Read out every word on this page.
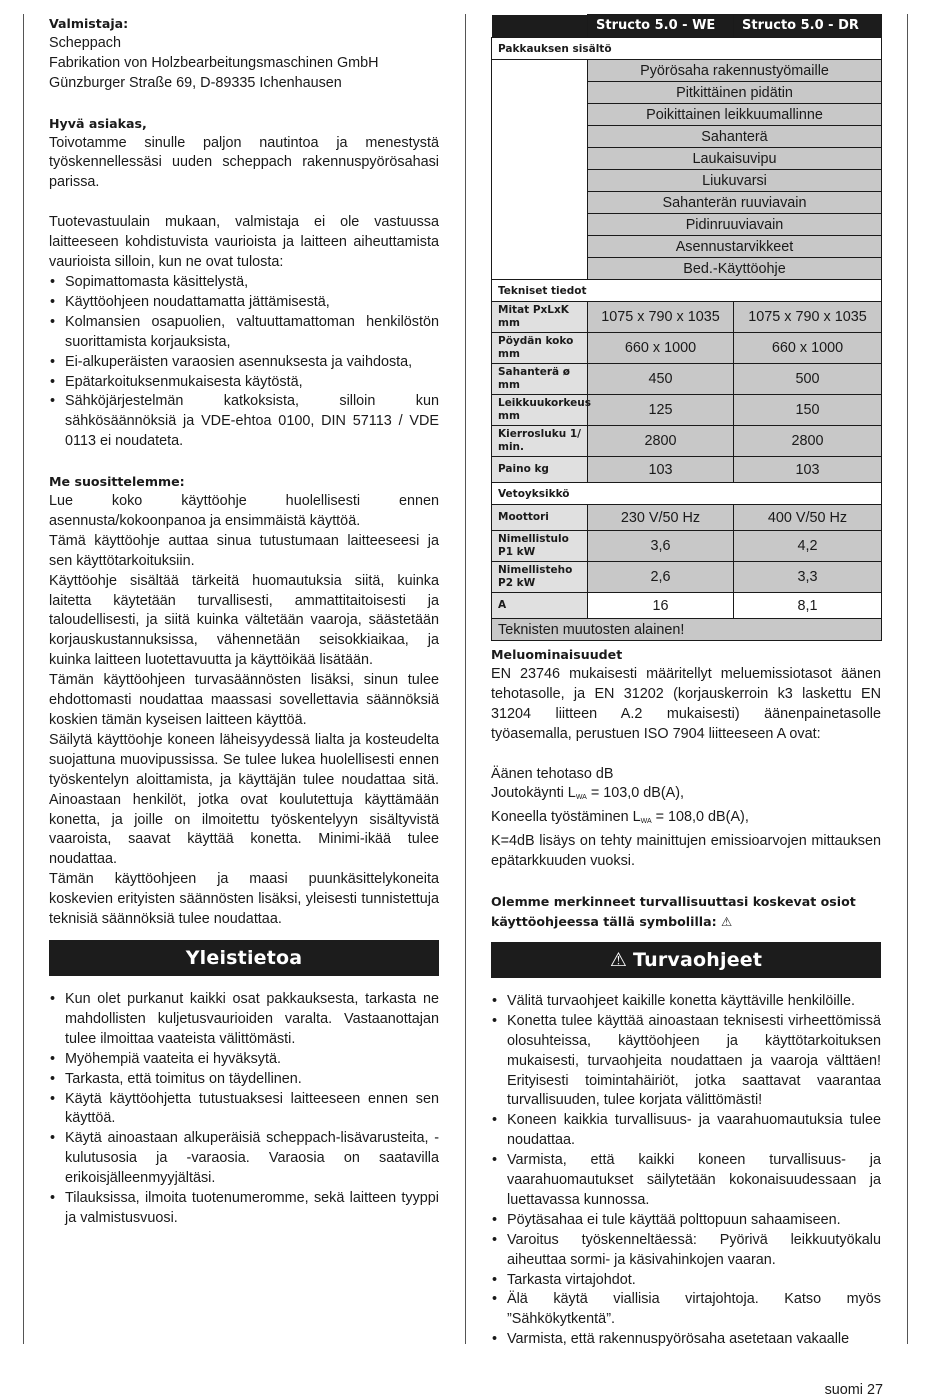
Valmistaja:

Scheppach

Fabrikation von Holzbearbeitungsmaschinen GmbH

Günzburger Straße 69, D-89335 Ichenhausen

Hyvä asiakas,

Toivotamme sinulle paljon nautintoa ja menestystä työskennellessäsi uuden scheppach rakennuspyörösahasi parissa.

Tuotevastuulain mukaan, valmistaja ei ole vastuussa laitteeseen kohdistuvista vaurioista ja laitteen aiheuttamista vaurioista silloin, kun ne ovat tulosta:

• Sopimattomasta käsittelystä,
• Käyttöohjeen noudattamatta jättämisestä,
• Kolmansien osapuolien, valtuuttamattoman henkilöstön suorittamista korjauksista,
• Ei-alkuperäisten varaosien asennuksesta ja vaihdosta,
• Epätarkoituksenmukaisesta käytöstä,
• Sähköjärjestelmän katkoksista, silloin kun sähkösäännöksiä ja VDE-ehtoa 0100, DIN 57113 / VDE 0113 ei noudateta.

Me suosittelemme:

Lue koko käyttöohje huolellisesti ennen asennusta/kokoonpanoa ja ensimmäistä käyttöä.

Tämä käyttöohje auttaa sinua tutustumaan laitteeseesi ja sen käyttötarkoituksiin.

Käyttöohje sisältää tärkeitä huomautuksia siitä, kuinka laitetta käytetään turvallisesti, ammattitaitoisesti ja taloudellisesti, ja siitä kuinka vältetään vaaroja, säästetään korjauskustannuksissa, vähennetään seisokkiaikaa, ja kuinka laitteen luotettavuutta ja käyttöikää lisätään.

Tämän käyttöohjeen turvasäännösten lisäksi, sinun tulee ehdottomasti noudattaa maassasi sovellettavia säännöksiä koskien tämän kyseisen laitteen käyttöä.

Säilytä käyttöohje koneen läheisyydessä lialta ja kosteudelta suojattuna muovipussissa. Se tulee lukea huolellisesti ennen työskentelyn aloittamista, ja käyttäjän tulee noudattaa sitä. Ainoastaan henkilöt, jotka ovat koulutettuja käyttämään konetta, ja joille on ilmoitettu työskentelyyn sisältyvistä vaaroista, saavat käyttää konetta. Minimi-ikää tulee noudattaa.

Tämän käyttöohjeen ja maasi puunkäsittelykoneita koskevien erityisten säännösten lisäksi, yleisesti tunnistettuja teknisiä säännöksiä tulee noudattaa.

Yleistietoa
• Kun olet purkanut kaikki osat pakkauksesta, tarkasta ne mahdollisten kuljetusvaurioiden varalta. Vastaanottajan tulee ilmoittaa vaateista välittömästi.
• Myöhempiä vaateita ei hyväksytä.
• Tarkasta, että toimitus on täydellinen.
• Käytä käyttöohjetta tutustuaksesi laitteeseen ennen sen käyttöä.
• Käytä ainoastaan alkuperäisiä scheppach-lisävarusteita, -kulutusosia ja -varaosia. Varaosia on saatavilla erikoisjälleenmyyjältäsi.
• Tilauksissa, ilmoita tuotenumeromme, sekä laitteen tyyppi ja valmistusvuosi.
	Structo 5.0 - WE	Structo 5.0 - DR
Pakkauksen sisältö		
	Pyörösaha rakennustyömaille	
	Pitkittäinen pidätin	
	Poikittainen leikkuumallinne	
	Sahanterä	
	Laukaisuvipu	
	Liukuvarsi	
	Sahanterän ruuviavain	
	Pidinruuviavain	
	Asennustarvikkeet	
	Bed.-Käyttöohje	
Tekniset tiedot		
Mitat PxLxK mm	1075 x 790 x 1035	1075 x 790 x 1035
Pöydän koko mm	660 x 1000	660 x 1000
Sahanterä ø mm	450	500
Leikkuukorkeus mm	125	150
Kierrosluku 1/ min.	2800	2800
Paino kg	103	103
Vetoyksikkö		
Moottori	230 V/50 Hz	400 V/50 Hz
Nimellistulo P1 kW	3,6	4,2
Nimellisteho P2 kW	2,6	3,3
A	16	8,1
Teknisten muutosten alainen!		

Meluominaisuudet

EN 23746 mukaisesti määritellyt meluemissiotasot äänen tehotasolle, ja EN 31202 (korjauskerroin k3 laskettu EN 31204 liitteen A.2 mukaisesti) äänenpainetasolle työasemalla, perustuen ISO 7904 liitteeseen A ovat:

Äänen tehotaso dB

Joutokäynti $L_{WA} = 103,0$ dB(A),

Koneella työstäminen $L_{WA} = 108,0$ dB(A),

K=4dB lisäys on tehty mainittujen emissioarvojen mittauksen epätarkkuuden vuoksi.

Olemme merkinneet turvallisuuttasi koskevat osiot käyttöohjeessa tällä symbolilla: ⚠

⚠ Turvaohjeet
• Välitä turvaohjeet kaikille konetta käyttäville henkilöille.
• Konetta tulee käyttää ainoastaan teknisesti virheettömissä olosuhteissa, käyttöohjeen ja käyttötarkoituksen mukaisesti, turvaohjeita noudattaen ja vaaroja välttäen! Erityisesti toimintahäiriöt, jotka saattavat vaarantaa turvallisuuden, tulee korjata välittömästi!
• Koneen kaikkia turvallisuus- ja vaarahuomautuksia tulee noudattaa.
• Varmista, että kaikki koneen turvallisuus- ja vaarahuomautukset säilytetään kokonaisuudessaan ja luettavassa kunnossa.
• Pöytäsahaa ei tule käyttää polttopuun sahaamiseen.
• Varoitus työskenneltäessä: Pyörivä leikkuutyökalu aiheuttaa sormi- ja käsivahinkojen vaaran.
• Tarkasta virtajohdot.
• Älä käytä viallisia virtajohtoja. Katso myös ”Sähkökytkentä”.
• Varmista, että rakennuspyörösaha asetetaan vakaalle
suomi 27
